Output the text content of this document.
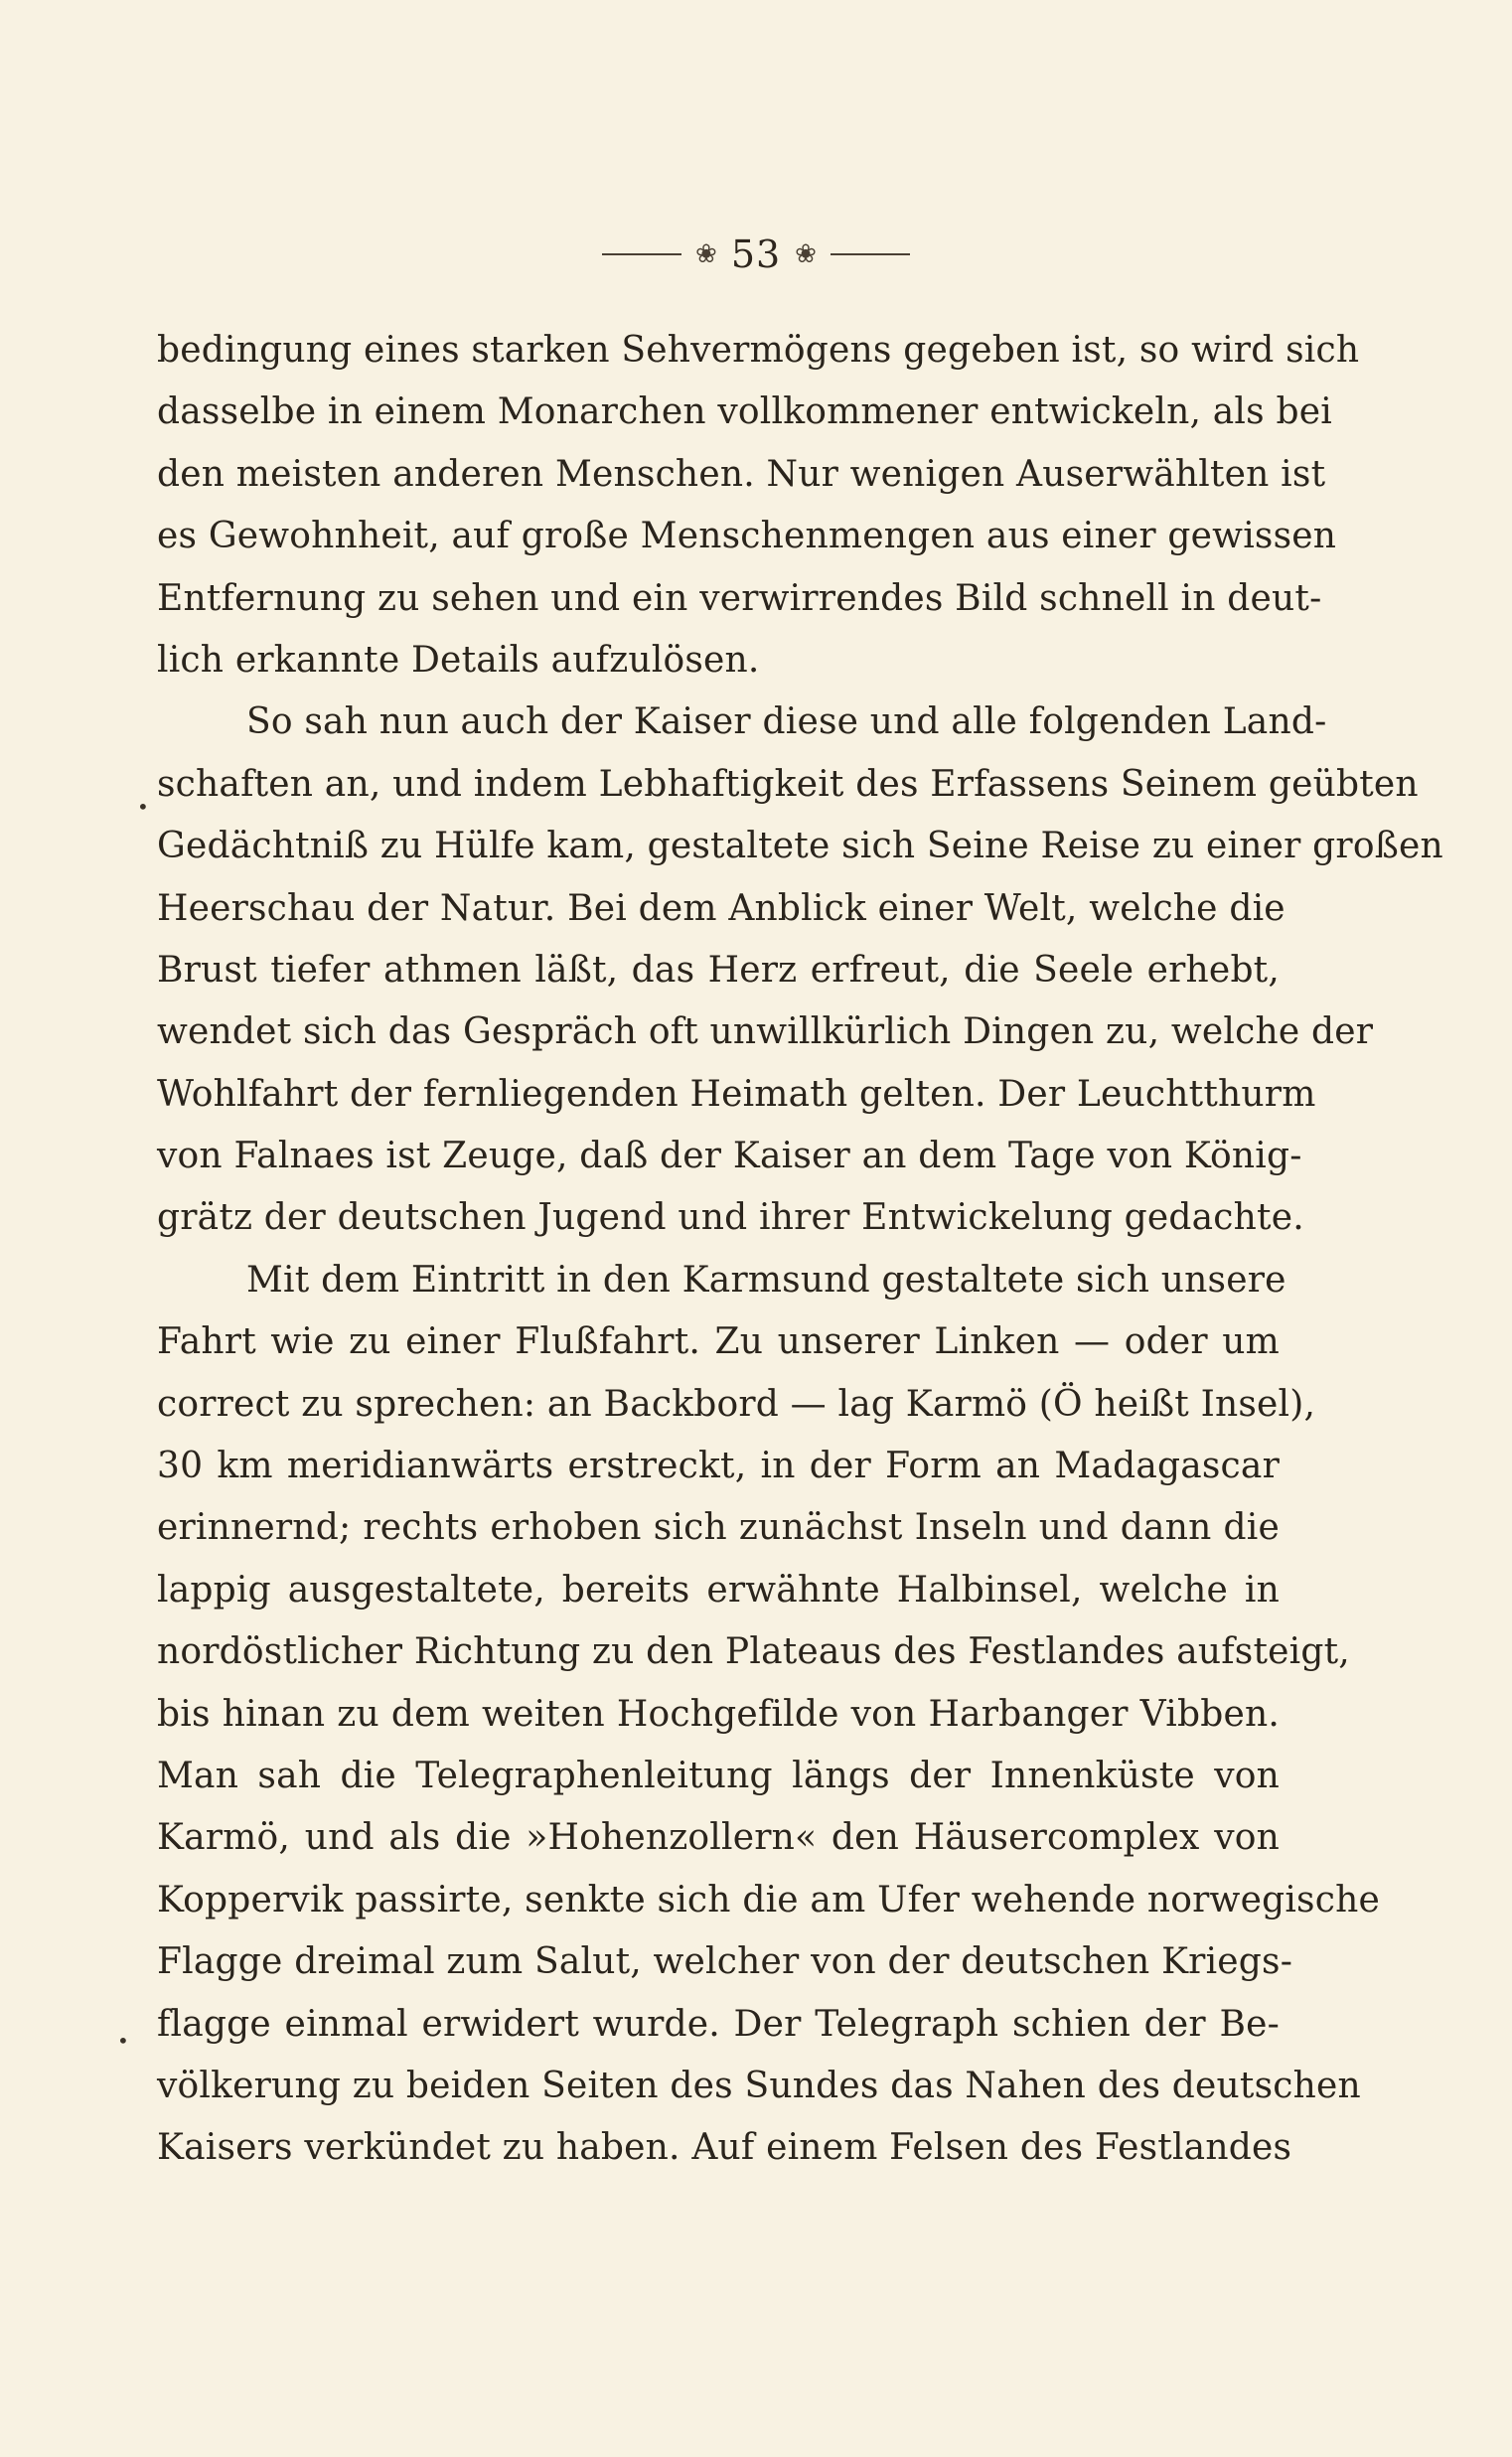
❀ 53 ❀
bedingung eines starken Sehvermögens gegeben ist, so wird sich
dasselbe in einem Monarchen vollkommener entwickeln, als bei
den meisten anderen Menschen. Nur wenigen Auserwählten ist
es Gewohnheit, auf große Menschenmengen aus einer gewissen
Entfernung zu sehen und ein verwirrendes Bild schnell in deut-
lich erkannte Details aufzulösen.
So sah nun auch der Kaiser diese und alle folgenden Land-
schaften an, und indem Lebhaftigkeit des Erfassens Seinem geübten
Gedächtniß zu Hülfe kam, gestaltete sich Seine Reise zu einer großen
Heerschau der Natur. Bei dem Anblick einer Welt, welche die
Brust tiefer athmen läßt, das Herz erfreut, die Seele erhebt,
wendet sich das Gespräch oft unwillkürlich Dingen zu, welche der
Wohlfahrt der fernliegenden Heimath gelten. Der Leuchtthurm
von Falnaes ist Zeuge, daß der Kaiser an dem Tage von König-
grätz der deutschen Jugend und ihrer Entwickelung gedachte.
Mit dem Eintritt in den Karmsund gestaltete sich unsere
Fahrt wie zu einer Flußfahrt. Zu unserer Linken — oder um
correct zu sprechen: an Backbord — lag Karmö (Ö heißt Insel),
30 km meridianwärts erstreckt, in der Form an Madagascar
erinnernd; rechts erhoben sich zunächst Inseln und dann die
lappig ausgestaltete, bereits erwähnte Halbinsel, welche in
nordöstlicher Richtung zu den Plateaus des Festlandes aufsteigt,
bis hinan zu dem weiten Hochgefilde von Harbanger Vibben.
Man sah die Telegraphenleitung längs der Innenküste von
Karmö, und als die »Hohenzollern« den Häusercomplex von
Koppervik passirte, senkte sich die am Ufer wehende norwegische
Flagge dreimal zum Salut, welcher von der deutschen Kriegs-
flagge einmal erwidert wurde. Der Telegraph schien der Be-
völkerung zu beiden Seiten des Sundes das Nahen des deutschen
Kaisers verkündet zu haben. Auf einem Felsen des Festlandes
•
•
